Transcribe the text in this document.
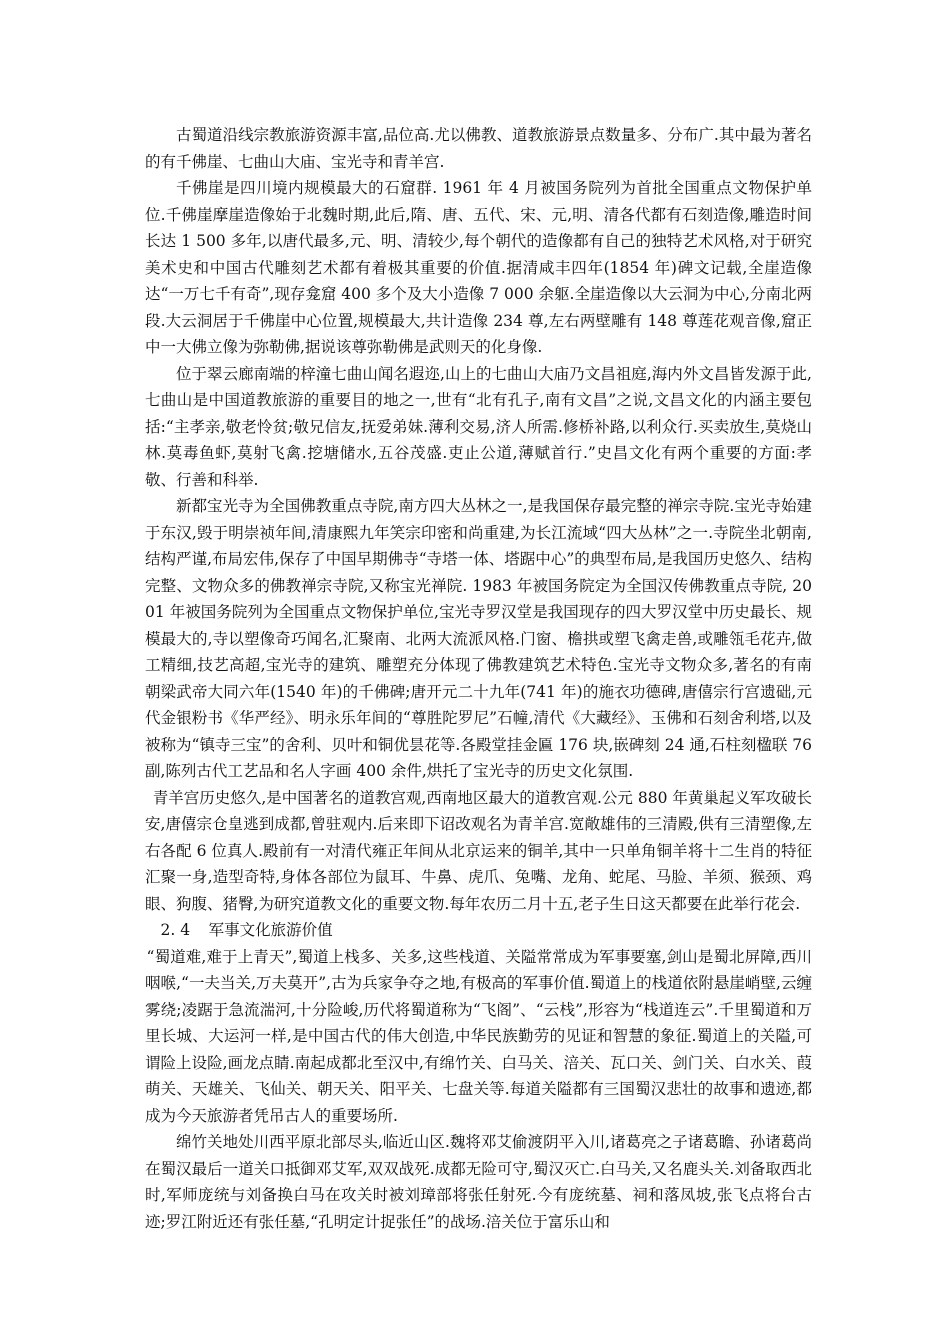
古蜀道沿线宗教旅游资源丰富,品位高.尤以佛教、道教旅游景点数量多、分布广.其中最为著名的有千佛崖、七曲山大庙、宝光寺和青羊宫.

千佛崖是四川境内规模最大的石窟群. 1961 年 4 月被国务院列为首批全国重点文物保护单位.千佛崖摩崖造像始于北魏时期,此后,隋、唐、五代、宋、元,明、清各代都有石刻造像,雕造时间长达 1 500 多年,以唐代最多,元、明、清较少,每个朝代的造像都有自己的独特艺术风格,对于研究美术史和中国古代雕刻艺术都有着极其重要的价值.据清咸丰四年(1854 年)碑文记载,全崖造像达“一万七千有奇”,现存龛窟 400 多个及大小造像 7 000 余躯.全崖造像以大云洞为中心,分南北两段.大云洞居于千佛崖中心位置,规模最大,共计造像 234 尊,左右两壁雕有 148 尊莲花观音像,窟正中一大佛立像为弥勒佛,据说该尊弥勒佛是武则天的化身像.

位于翠云廊南端的梓潼七曲山闻名遐迩,山上的七曲山大庙乃文昌祖庭,海内外文昌皆发源于此,七曲山是中国道教旅游的重要目的地之一,世有“北有孔子,南有文昌”之说,文昌文化的内涵主要包括:“主孝亲,敬老怜贫;敬兄信友,抚爱弟妹.薄利交易,济人所需.修桥补路,以利众行.买卖放生,莫烧山林.莫毒鱼虾,莫射飞禽.挖塘储水,五谷茂盛.吏止公道,薄赋首行.”史昌文化有两个重要的方面:孝敬、行善和科举.

新都宝光寺为全国佛教重点寺院,南方四大丛林之一,是我国保存最完整的禅宗寺院.宝光寺始建于东汉,毁于明崇祯年间,清康熙九年笑宗印密和尚重建,为长江流域“四大丛林”之一.寺院坐北朝南,结构严谨,布局宏伟,保存了中国早期佛寺“寺塔一体、塔踞中心”的典型布局,是我国历史悠久、结构完整、文物众多的佛教禅宗寺院,又称宝光禅院. 1983 年被国务院定为全国汉传佛教重点寺院, 2001 年被国务院列为全国重点文物保护单位,宝光寺罗汉堂是我国现存的四大罗汉堂中历史最长、规模最大的,寺以塑像奇巧闻名,汇聚南、北两大流派风格.门窗、檐拱或塑飞禽走兽,或雕瓴毛花卉,做工精细,技艺高超,宝光寺的建筑、雕塑充分体现了佛教建筑艺术特色.宝光寺文物众多,著名的有南朝梁武帝大同六年(1540 年)的千佛碑;唐开元二十九年(741 年)的施衣功德碑,唐僖宗行宫遗础,元代金银粉书《华严经》、明永乐年间的“尊胜陀罗尼”石幢,清代《大藏经》、玉佛和石刻舍利塔,以及被称为“镇寺三宝”的舍利、贝叶和铜优昙花等.各殿堂挂金匾 176 块,嵌碑刻 24 通,石柱刻楹联 76 副,陈列古代工艺品和名人字画 400 余件,烘托了宝光寺的历史文化氛围.

青羊宫历史悠久,是中国著名的道教宫观,西南地区最大的道教宫观.公元 880 年黄巢起义军攻破长安,唐僖宗仓皇逃到成都,曾驻观内.后来即下诏改观名为青羊宫.宽敞雄伟的三清殿,供有三清塑像,左右各配 6 位真人.殿前有一对清代雍正年间从北京运来的铜羊,其中一只单角铜羊将十二生肖的特征汇聚一身,造型奇特,身体各部位为鼠耳、牛鼻、虎爪、兔嘴、龙角、蛇尾、马脸、羊须、猴颈、鸡眼、狗腹、猪臀,为研究道教文化的重要文物.每年农历二月十五,老子生日这天都要在此举行花会.

2. 4 军事文化旅游价值

“蜀道难,难于上青天”,蜀道上栈多、关多,这些栈道、关隘常常成为军事要塞,剑山是蜀北屏障,西川咽喉,“一夫当关,万夫莫开”,古为兵家争夺之地,有极高的军事价值.蜀道上的栈道依附悬崖峭壁,云缠雾绕;凌踞于急流湍河,十分险峻,历代将蜀道称为“飞阁”、“云栈”,形容为“栈道连云”.千里蜀道和万里长城、大运河一样,是中国古代的伟大创造,中华民族勤劳的见证和智慧的象征.蜀道上的关隘,可谓险上设险,画龙点睛.南起成都北至汉中,有绵竹关、白马关、涪关、瓦口关、剑门关、白水关、葭萌关、天雄关、飞仙关、朝天关、阳平关、七盘关等.每道关隘都有三国蜀汉悲壮的故事和遗迹,都成为今天旅游者凭吊古人的重要场所.

绵竹关地处川西平原北部尽头,临近山区.魏将邓艾偷渡阴平入川,诸葛亮之子诸葛瞻、孙诸葛尚在蜀汉最后一道关口抵御邓艾军,双双战死.成都无险可守,蜀汉灭亡.白马关,又名鹿头关.刘备取西北时,军师庞统与刘备换白马在攻关时被刘璋部将张任射死.今有庞统墓、祠和落凤坡,张飞点将台古迹;罗江附近还有张任墓,“孔明定计捉张任”的战场.涪关位于富乐山和
